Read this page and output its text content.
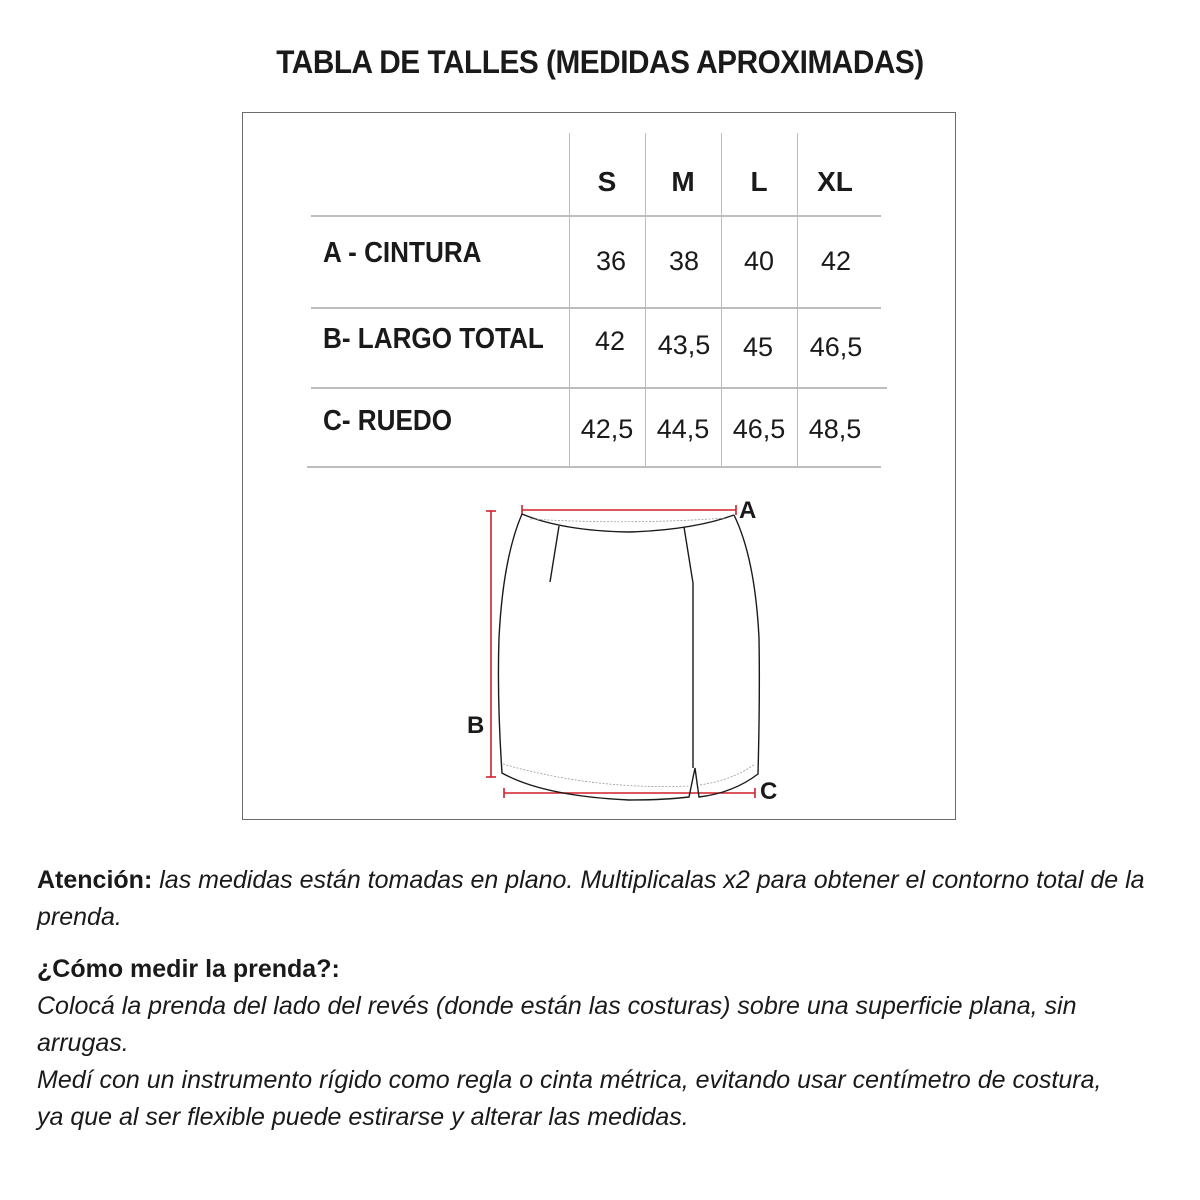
TABLA DE TALLES (MEDIDAS APROXIMADAS)
S	M	L	XL
A - CINTURA	36	38	40	42
B- LARGO TOTAL	42	43,5	45	46,5
C- RUEDO	42,5 44,5 46,5 48,5
A
B
C

Atención: las medidas están tomadas en plano. Multiplicalas x2 para obtener el contorno total de la prenda.

¿Cómo medir la prenda?:

Colocá la prenda del lado del revés (donde están las costuras) sobre una superficie plana, sin arrugas.

Medí con un instrumento rígido como regla o cinta métrica, evitando usar centímetro de costura, ya que al ser flexible puede estirarse y alterar las medidas.
